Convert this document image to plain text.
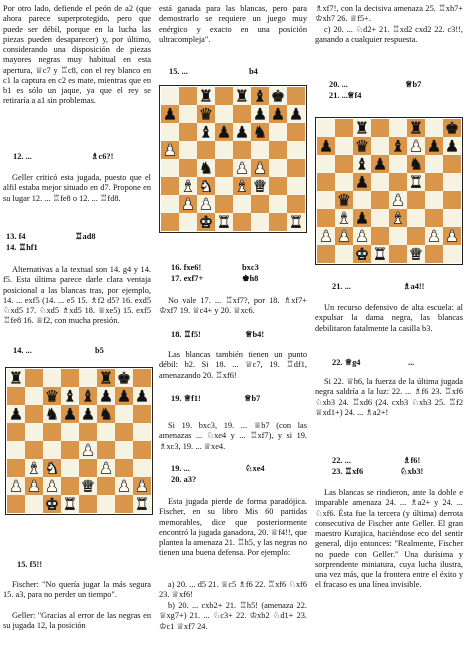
Por otro lado, defiende el peón de a2 (que ahora parece superprotegido, pero que puede ser débil, porque en la lucha las piezas pueden desaparecer) y, por último, considerando una disposición de piezas mayores negras muy habitual en esta apertura, ♕c7 y ♖c8, con el rey blanco en c1 la captura en c2 es mate, mientras que en b1 es sólo un jaque, ya que el rey se retiraría a a1 sin problemas.
12. ...	♗c6?!
Geller criticó esta jugada, puesto que el alfil estaba mejor situado en d7. Propone en su lugar 12. ... ♖fe8 o 12. ... ♖fd8.
13. f4	♖ad8
14. ♖hf1
Alternativas a la textual son 14. g4 y 14. f5. Esta última parece darle clara ventaja posicional a las blancas tras, por ejemplo, 14. ... exf5 (14. ... e5 15. ♗f2 d5? 16. exd5 ♘xd5 17. ♘xd5 ♗xd5 18. ♕xe5) 15. exf5 ♖fe8 16. ♕f2, con mucha presión.
14. ...	b5
♜	♜ ♚
♛ ♝ ♝ ♟ ♟ ♟
♟ ♞ ♟ ♟ ♞
♟
♝ ♞	♟
♟ ♟ ♟ ♛ ♟ ♟
♚ ♜	♜
15. f5!!
Fischer: "No quería jugar la más segura 15. a3, para no perder un tiempo".
Geller: "Gracias al error de las negras en su jugada 12, la posición
está ganada para las blancas, pero para demostrarlo se requiere un juego muy enérgico y exacto en una posición ultracompleja".
15. ...	b4
♜ ♜ ♝ ♚
♟ ♛	♟ ♟ ♟
♝ ♟ ♟ ♞
♟
♞ ♟ ♟
♝ ♞ ♝ ♛
♟ ♟
♚ ♜	♜
16. fxe6!	bxc3
17. exf7+	♚h8
No vale 17. ... ♖xf7?, por 18. ♗xf7+ ♔xf7 19. ♕c4+ y 20. ♕xc6.
18. ♖f5!	♕b4!
Las blancas también tienen un punto débil: b2. Si 18. ... ♕c7, 19. ♖df1, amenazando 20. ♖xf6!
19. ♕f1!	♕b7
Si 19. bxc3, 19. ... ♕b7 (con las amenazas ... ♘xe4 y ... ♖xf7), y si 19. ♗xc3, 19. ... ♕xe4.
19. ...	♘xe4
20. a3?
Esta jugada pierde de forma paradójica. Fischer, en su libro Mis 60 partidas memorables, dice que posteriormente encontró la jugada ganadora, 20. ♕f4!!, que plantea la amenaza 21. ♖h5, y las negras no tienen una buena defensa. Por ejemplo:
a) 20. ... d5 21. ♕c5 ♗f6 22. ♖xf6 ♘xf6 23. ♕xf6!
b) 20. ... cxb2+ 21. ♖h5! (amenaza 22. ♕xg7+) 21. ... ♘c3+ 22. ♔xb2 ♘d1+ 23. ♔c1 ♕xf7 24.
♗xf7!, con la decisiva amenaza 25. ♖xh7+ ♔xh7 26. ♕f5+.
c) 20. ... ♘d2+ 21. ♖xd2 cxd2 22. c3!!, ganando a cualquier respuesta.
20. ...	♕b7
21. ... ♕f4
♜	♜ ♚
♟ ♛ ♝ ♟ ♟ ♟
♝ ♟ ♞
♟	♜
♛	♟
♝ ♟ ♝
♟ ♟ ♟	♟ ♟
♚ ♜ ♛
21. ...	♗a4!!
Un recurso defensivo de alta escuela: al expulsar la dama negra, las blancas debilitaron fatalmente la casilla b3.
22. ♕g4	...
Si 22. ♕h6, la fuerza de la última jugada negra saldría a la luz: 22. ... ♗f6 23. ♖xf6 ♘xb3 24. ♖xd6 (24. cxb3 ♘xb3 25. ♖f2 ♕xd1+) 24. ... ♗a2+!
22. ...	♗f6!
23. ♖xf6	♘xb3!
Las blancas se rindieron, ante la doble e imparable amenaza 24. ... ♗a2+ y 24. ... ♘xf6. Ésta fue la tercera (y última) derrota consecutiva de Fischer ante Geller. El gran maestro Kurajica, haciéndose eco del sentir general, dijo entonces: "Realmente, Fischer no puede con Geller." Una durísima y sorprendente miniatura, cuya lucha ilustra, una vez más, que la frontera entre el éxito y el fracaso es una línea invisible.
